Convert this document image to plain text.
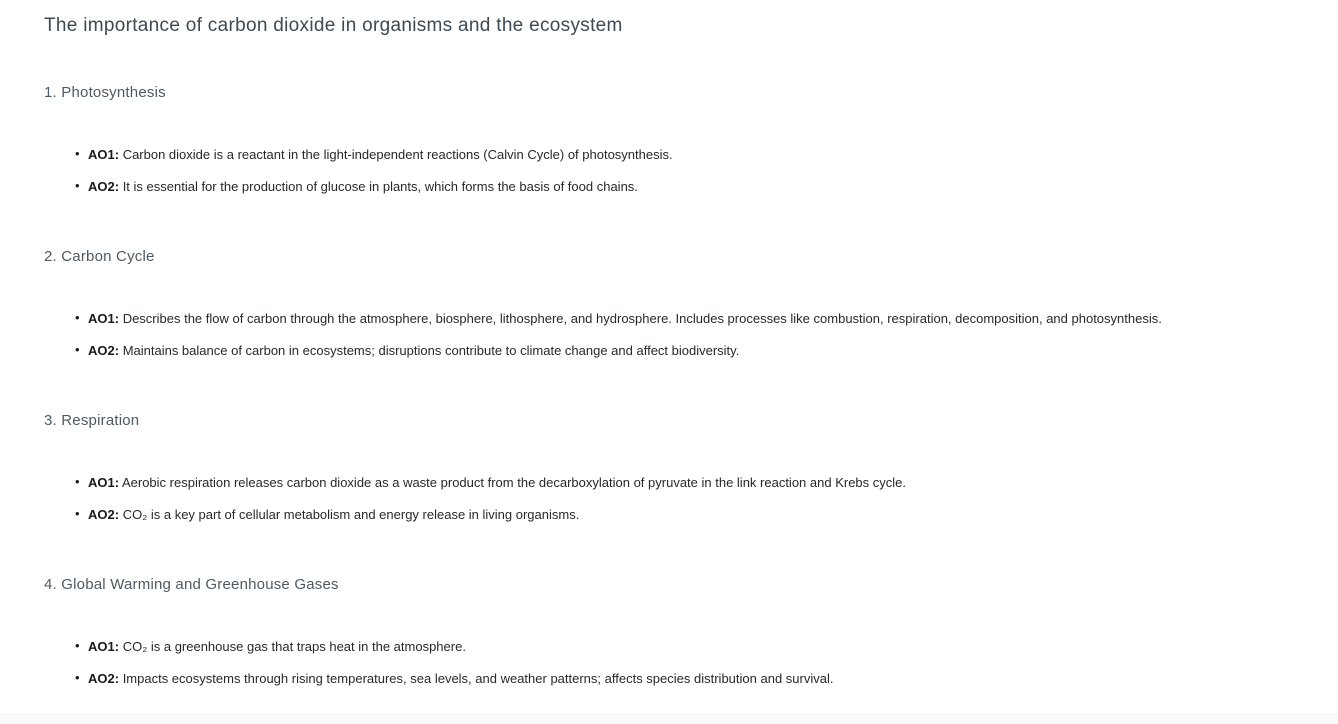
The importance of carbon dioxide in organisms and the ecosystem
1. Photosynthesis
• AO1: Carbon dioxide is a reactant in the light-independent reactions (Calvin Cycle) of photosynthesis.
• AO2: It is essential for the production of glucose in plants, which forms the basis of food chains.
2. Carbon Cycle
• AO1: Describes the flow of carbon through the atmosphere, biosphere, lithosphere, and hydrosphere. Includes processes like combustion, respiration, decomposition, and photosynthesis.
• AO2: Maintains balance of carbon in ecosystems; disruptions contribute to climate change and affect biodiversity.
3. Respiration
• AO1: Aerobic respiration releases carbon dioxide as a waste product from the decarboxylation of pyruvate in the link reaction and Krebs cycle.
• AO2: CO₂ is a key part of cellular metabolism and energy release in living organisms.
4. Global Warming and Greenhouse Gases
• AO1: CO₂ is a greenhouse gas that traps heat in the atmosphere.
• AO2: Impacts ecosystems through rising temperatures, sea levels, and weather patterns; affects species distribution and survival.
